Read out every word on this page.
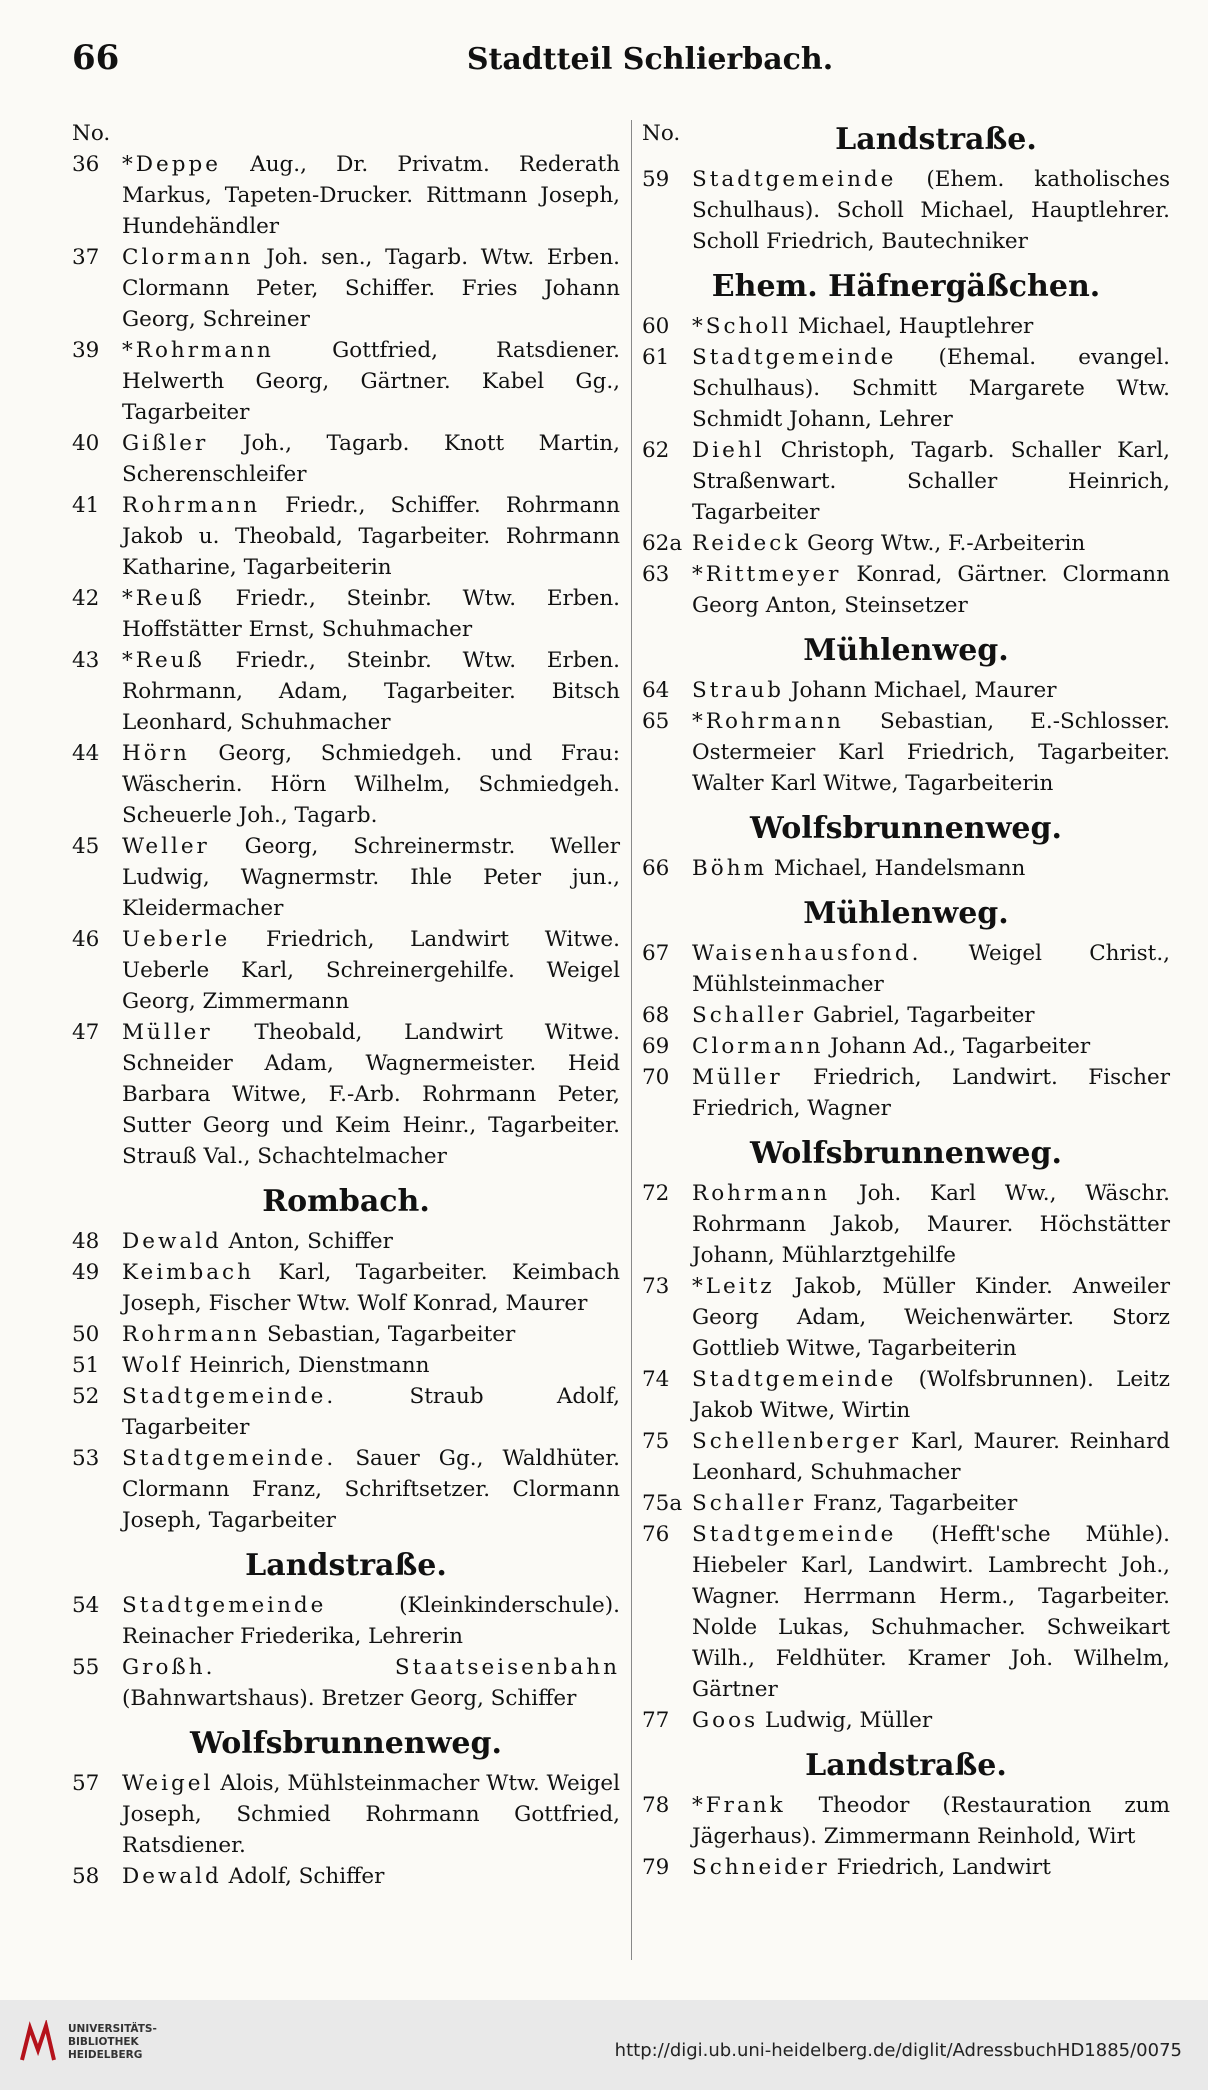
66	Stadtteil Schlierbach.
No.
36	*Deppe Aug., Dr. Privatm. Rederath Markus, Tapeten-Drucker. Rittmann Joseph, Hundehändler
37	Clormann Joh. sen., Tagarb. Wtw. Erben. Clormann Peter, Schiffer. Fries Johann Georg, Schreiner
39	*Rohrmann Gottfried, Ratsdiener. Helwerth Georg, Gärtner. Kabel Gg., Tagarbeiter
40	Gißler Joh., Tagarb. Knott Martin, Scherenschleifer
41	Rohrmann Friedr., Schiffer. Rohrmann Jakob u. Theobald, Tagarbeiter. Rohrmann Katharine, Tagarbeiterin
42	*Reuß Friedr., Steinbr. Wtw. Erben. Hoffstätter Ernst, Schuhmacher
43	*Reuß Friedr., Steinbr. Wtw. Erben. Rohrmann, Adam, Tagarbeiter. Bitsch Leonhard, Schuhmacher
44	Hörn Georg, Schmiedgeh. und Frau: Wäscherin. Hörn Wilhelm, Schmiedgeh. Scheuerle Joh., Tagarb.
45	Weller Georg, Schreinermstr. Weller Ludwig, Wagnermstr. Ihle Peter jun., Kleidermacher
46	Ueberle Friedrich, Landwirt Witwe. Ueberle Karl, Schreinergehilfe. Weigel Georg, Zimmermann
47	Müller Theobald, Landwirt Witwe. Schneider Adam, Wagnermeister. Heid Barbara Witwe, F.-Arb. Rohrmann Peter, Sutter Georg und Keim Heinr., Tagarbeiter. Strauß Val., Schachtelmacher
Rombach.
48	Dewald Anton, Schiffer
49	Keimbach Karl, Tagarbeiter. Keimbach Joseph, Fischer Wtw. Wolf Konrad, Maurer
50	Rohrmann Sebastian, Tagarbeiter
51	Wolf Heinrich, Dienstmann
52	Stadtgemeinde. Straub Adolf, Tagarbeiter
53	Stadtgemeinde. Sauer Gg., Waldhüter. Clormann Franz, Schriftsetzer. Clormann Joseph, Tagarbeiter
Landstraße.
54	Stadtgemeinde (Kleinkinderschule). Reinacher Friederika, Lehrerin
55	Großh. Staatseisenbahn (Bahnwartshaus). Bretzer Georg, Schiffer
Wolfsbrunnenweg.
57	Weigel Alois, Mühlsteinmacher Wtw. Weigel Joseph, Schmied Rohrmann Gottfried, Ratsdiener.
58	Dewald Adolf, Schiffer
No.	Landstraße.
59	Stadtgemeinde (Ehem. katholisches Schulhaus). Scholl Michael, Hauptlehrer. Scholl Friedrich, Bautechniker
Ehem. Häfnergäßchen.
60	*Scholl Michael, Hauptlehrer
61	Stadtgemeinde (Ehemal. evangel. Schulhaus). Schmitt Margarete Wtw. Schmidt Johann, Lehrer
62	Diehl Christoph, Tagarb. Schaller Karl, Straßenwart. Schaller Heinrich, Tagarbeiter
62a Reideck Georg Wtw., F.-Arbeiterin
63	*Rittmeyer Konrad, Gärtner. Clormann Georg Anton, Steinsetzer
Mühlenweg.
64	Straub Johann Michael, Maurer
65	*Rohrmann Sebastian, E.-Schlosser. Ostermeier Karl Friedrich, Tagarbeiter. Walter Karl Witwe, Tagarbeiterin
Wolfsbrunnenweg.
66	Böhm Michael, Handelsmann
Mühlenweg.
67	Waisenhausfond. Weigel Christ., Mühlsteinmacher
68	Schaller Gabriel, Tagarbeiter
69	Clormann Johann Ad., Tagarbeiter
70	Müller Friedrich, Landwirt. Fischer Friedrich, Wagner
Wolfsbrunnenweg.
72	Rohrmann Joh. Karl Ww., Wäschr. Rohrmann Jakob, Maurer. Höchstätter Johann, Mühlarztgehilfe
73	*Leitz Jakob, Müller Kinder. Anweiler Georg Adam, Weichenwärter. Storz Gottlieb Witwe, Tagarbeiterin
74	Stadtgemeinde (Wolfsbrunnen). Leitz Jakob Witwe, Wirtin
75	Schellenberger Karl, Maurer. Reinhard Leonhard, Schuhmacher
75a Schaller Franz, Tagarbeiter
76	Stadtgemeinde (Hefft'sche Mühle). Hiebeler Karl, Landwirt. Lambrecht Joh., Wagner. Herrmann Herm., Tagarbeiter. Nolde Lukas, Schuhmacher. Schweikart Wilh., Feldhüter. Kramer Joh. Wilhelm, Gärtner
77	Goos Ludwig, Müller
Landstraße.
78	*Frank Theodor (Restauration zum Jägerhaus). Zimmermann Reinhold, Wirt
79	Schneider Friedrich, Landwirt
UNIVERSITÄTS-
BIBLIOTHEK
HEIDELBERG	http://digi.ub.uni-heidelberg.de/diglit/AdressbuchHD1885/0075
